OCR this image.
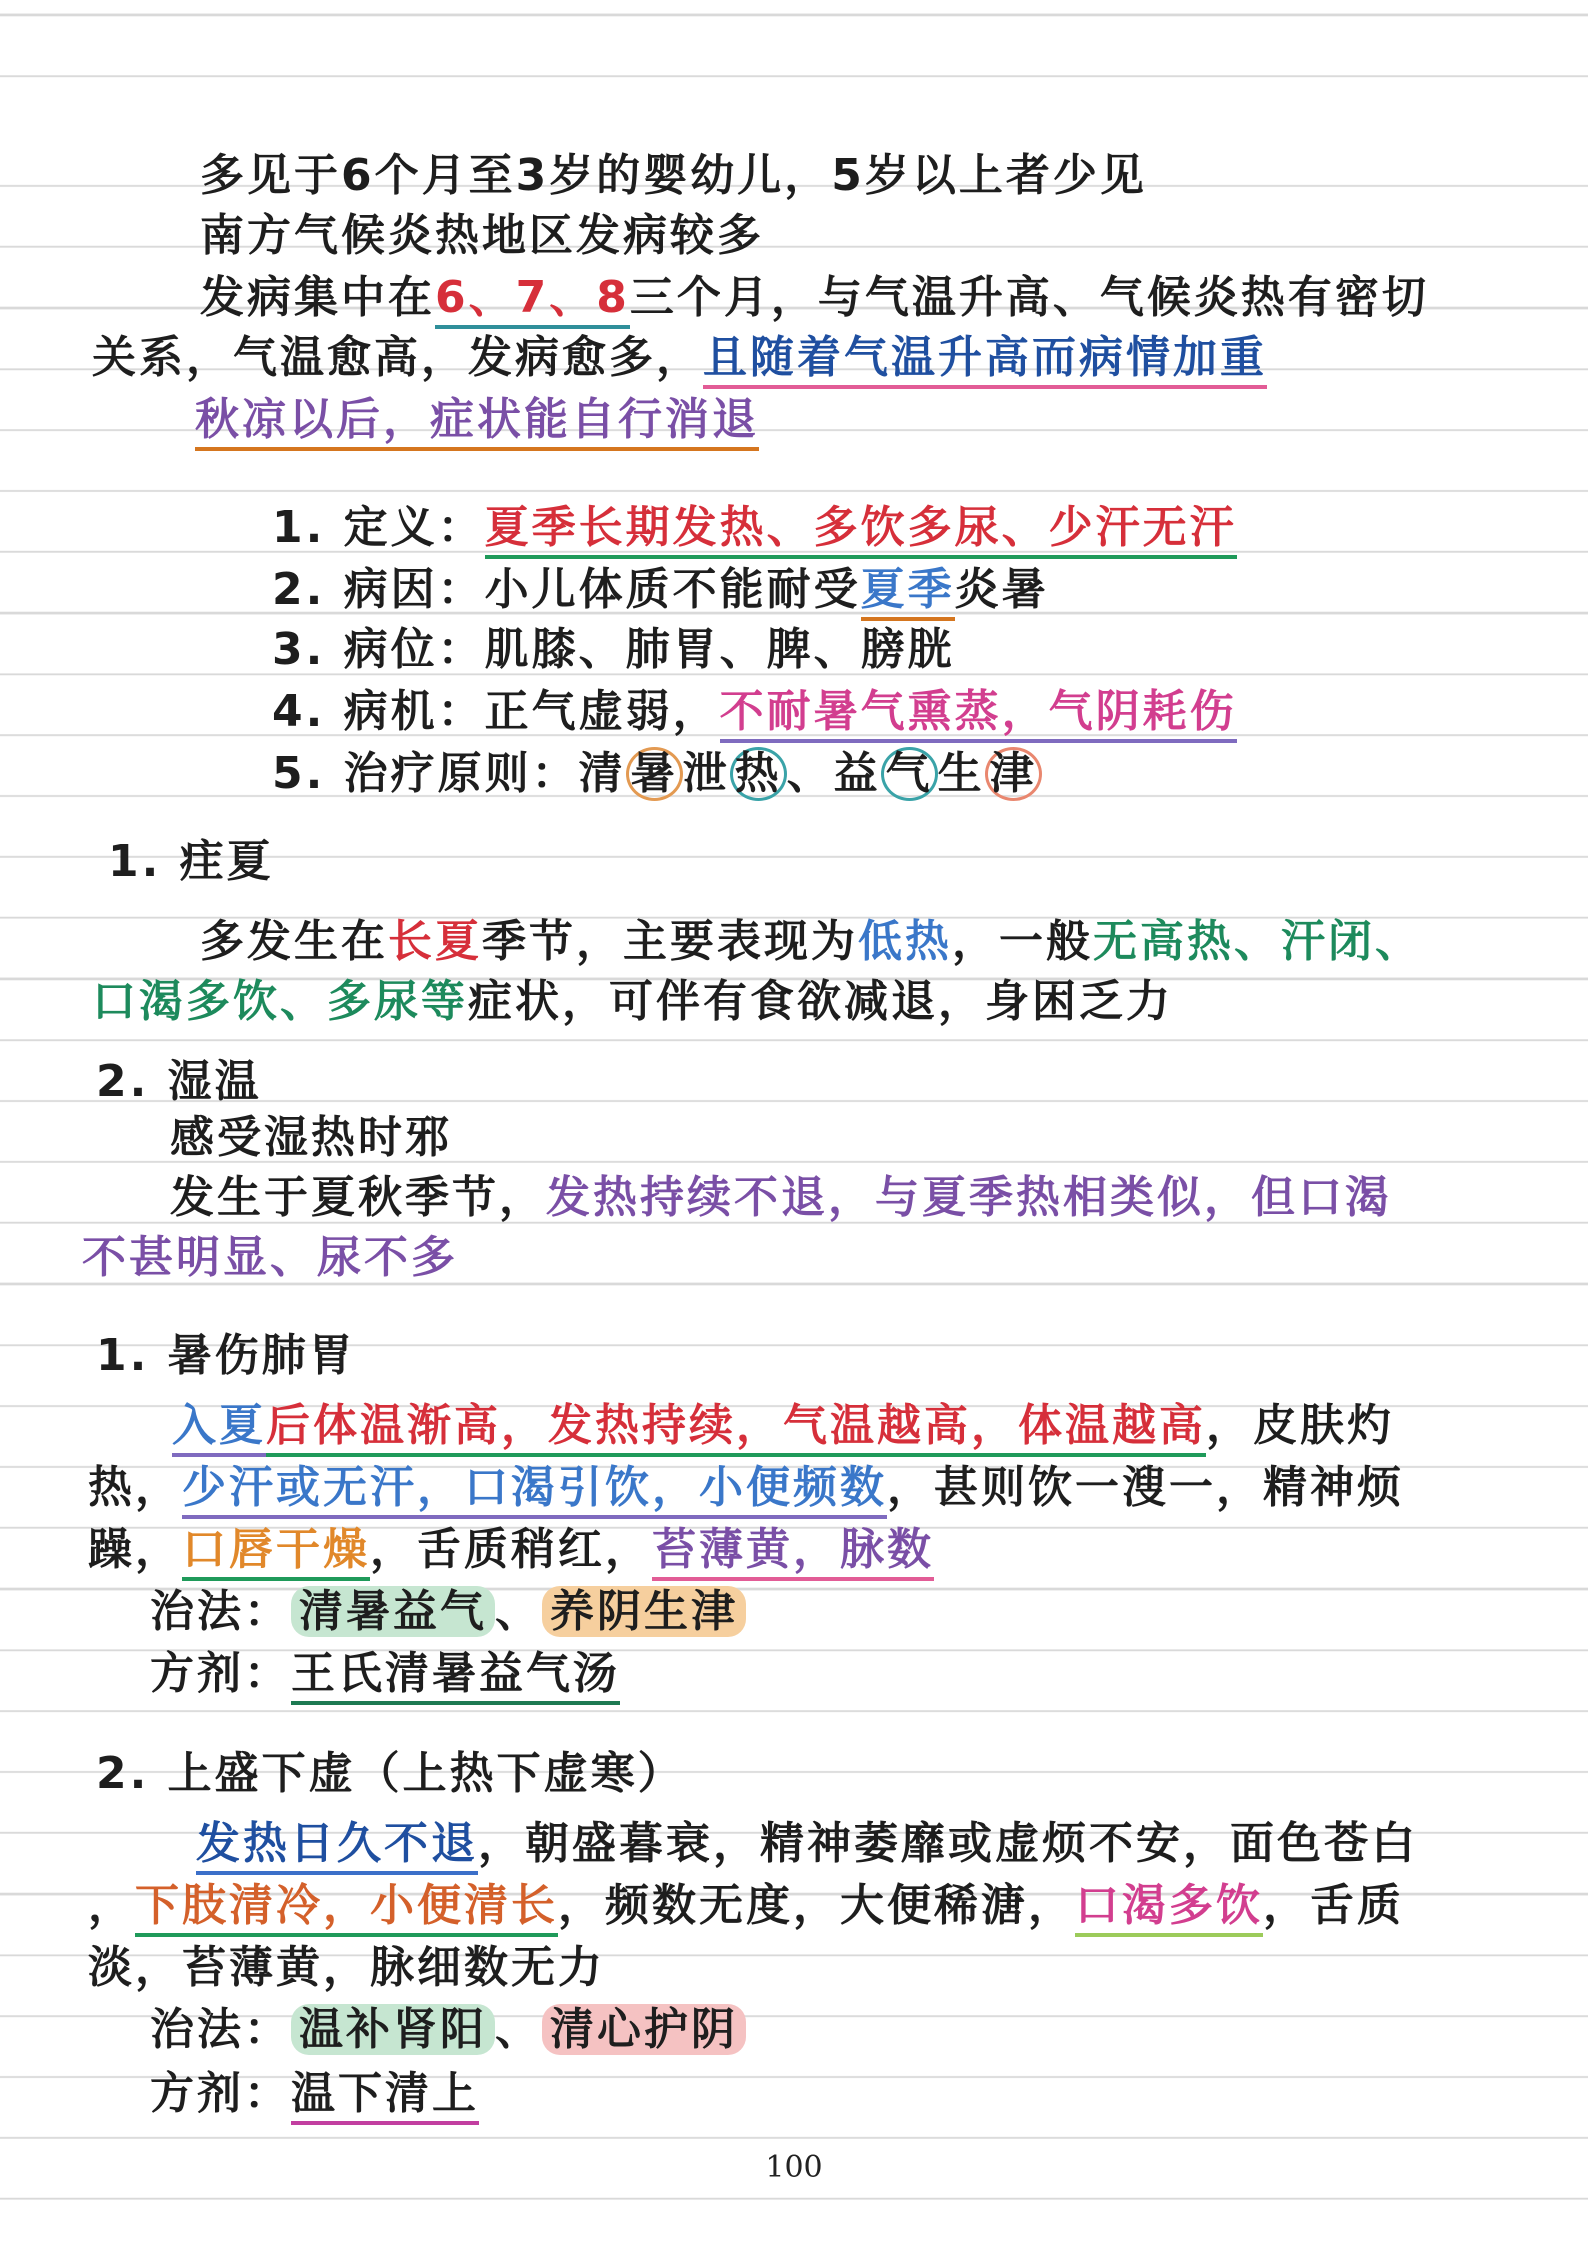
多见于6个月至3岁的婴幼儿，5岁以上者少见
南方气候炎热地区发病较多
发病集中在6、7、8三个月，与气温升高、气候炎热有密切
关系，气温愈高，发病愈多，且随着气温升高而病情加重
秋凉以后，症状能自行消退
1. 定义：夏季长期发热、多饮多尿、少汗无汗
2. 病因：小儿体质不能耐受夏季炎暑
3. 病位：肌膝、肺胃、脾、膀胱
4. 病机：正气虚弱，不耐暑气熏蒸，气阴耗伤
5. 治疗原则：清 暑 泄 热 、益 气 生 津
1. 疰夏
多发生在长夏季节，主要表现为低热，一般无高热、汗闭、
口渴多饮、多尿等症状，可伴有食欲减退，身困乏力
2. 湿温
感受湿热时邪
发生于夏秋季节，发热持续不退，与夏季热相类似，但口渴
不甚明显、尿不多
1. 暑伤肺胃
入夏后体温渐高，发热持续，气温越高，体温越高，皮肤灼
热，少汗或无汗，口渴引饮，小便频数，甚则饮一溲一，精神烦
躁，口唇干燥，舌质稍红，苔薄黄，脉数
治法： 清暑益气 、 养阴生津
方剂：王氏清暑益气汤
2. 上盛下虚（上热下虚寒）
发热日久不退，朝盛暮衰，精神萎靡或虚烦不安，面色苍白
，下肢清冷，小便清长，频数无度，大便稀溏，口渴多饮，舌质
淡，苔薄黄，脉细数无力
治法： 温补肾阳 、 清心护阴
方剂：温下清上
100
